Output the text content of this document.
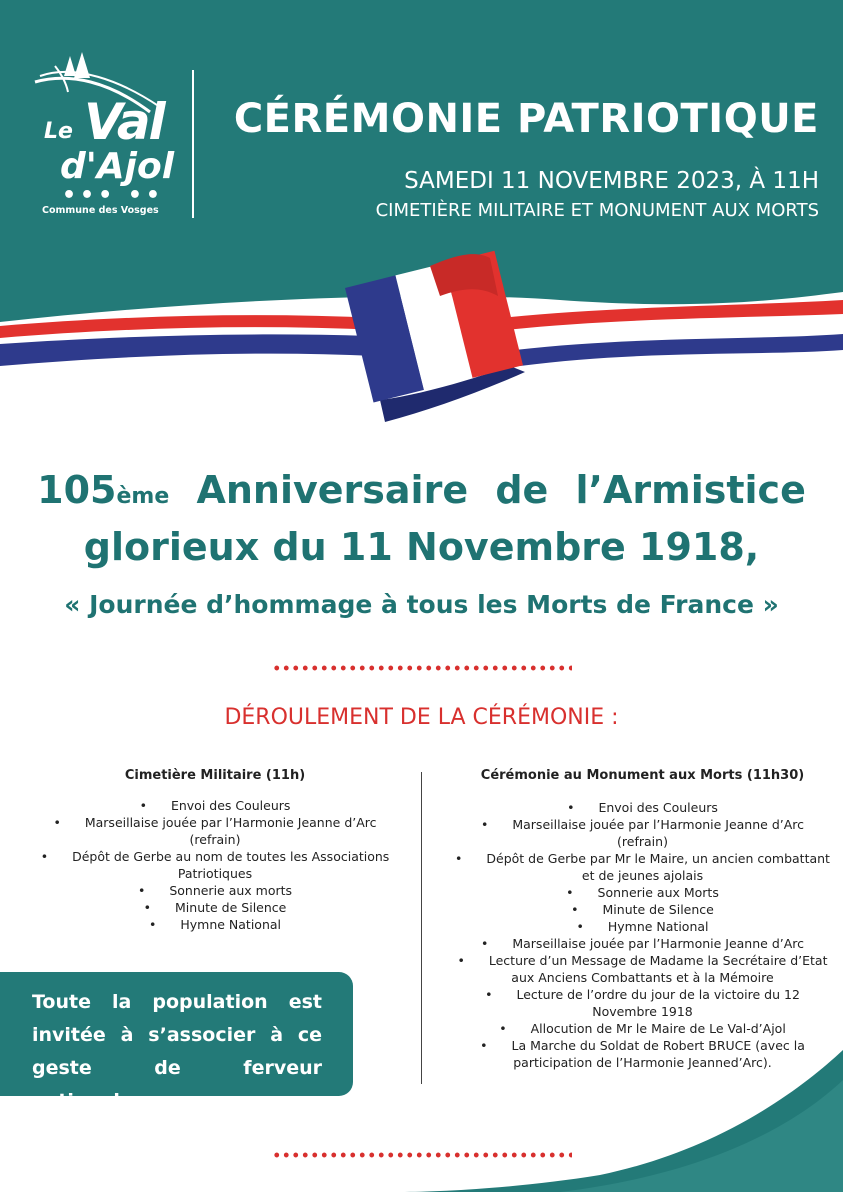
Le Val
d'Ajol
••• ••
Commune des Vosges
CÉRÉMONIE PATRIOTIQUE
SAMEDI 11 NOVEMBRE 2023, À 11H
CIMETIÈRE MILITAIRE ET MONUMENT AUX MORTS
105ème Anniversaire de l’Armistice
glorieux du 11 Novembre 1918,
« Journée d’hommage à tous les Morts de France »
DÉROULEMENT DE LA CÉRÉMONIE :
Cimetière Militaire (11h)
• Envoi des Couleurs
• Marseillaise jouée par l’Harmonie Jeanne d’Arc (refrain)
• Dépôt de Gerbe au nom de toutes les Associations Patriotiques
• Sonnerie aux morts
• Minute de Silence
• Hymne National
Cérémonie au Monument aux Morts (11h30)
• Envoi des Couleurs
• Marseillaise jouée par l’Harmonie Jeanne d’Arc (refrain)
• Dépôt de Gerbe par Mr le Maire, un ancien combattant et de jeunes ajolais
• Sonnerie aux Morts
• Minute de Silence
• Hymne National
• Marseillaise jouée par l’Harmonie Jeanne d’Arc
• Lecture d’un Message de Madame la Secrétaire d’Etat aux Anciens Combattants et à la Mémoire
• Lecture de l’ordre du jour de la victoire du 12 Novembre 1918
• Allocution de Mr le Maire de Le Val-d’Ajol
• La Marche du Soldat de Robert BRUCE (avec la participation de l’Harmonie Jeanned’Arc).
Toute la population est invitée à s’associer à ce geste de ferveur nationale.
